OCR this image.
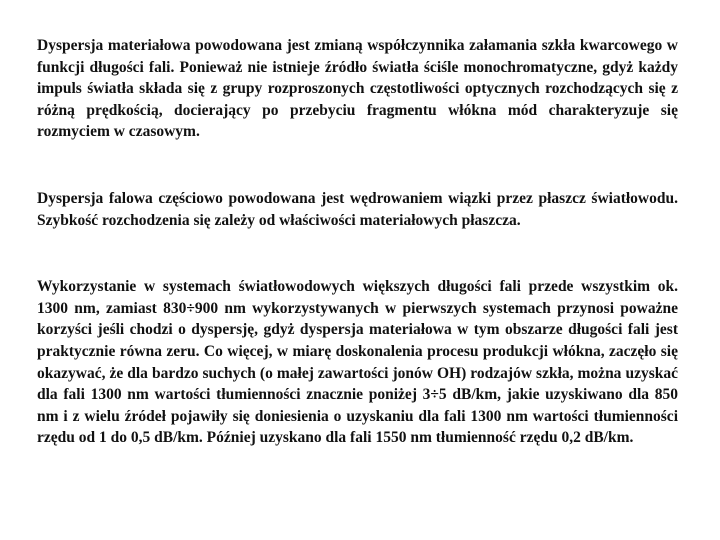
Dyspersja materiałowa powodowana jest zmianą współczynnika załamania szkła kwarcowego w funkcji długości fali. Ponieważ nie istnieje źródło światła ściśle monochromatyczne, gdyż każdy impuls światła składa się z grupy rozproszonych częstotliwości optycznych rozchodzących się z różną prędkością, docierający po przebyciu fragmentu włókna mód charakteryzuje się rozmyciem w czasowym.

Dyspersja falowa częściowo powodowana jest wędrowaniem wiązki przez płaszcz światłowodu. Szybkość rozchodzenia się zależy od właściwości materiałowych płaszcza.

Wykorzystanie w systemach światłowodowych większych długości fali przede wszystkim ok. 1300 nm, zamiast 830÷900 nm wykorzystywanych w pierwszych systemach przynosi poważne korzyści jeśli chodzi o dyspersję, gdyż dyspersja materiałowa w tym obszarze długości fali jest praktycznie równa zeru. Co więcej, w miarę doskonalenia procesu produkcji włókna, zaczęło się okazywać, że dla bardzo suchych (o małej zawartości jonów OH) rodzajów szkła, można uzyskać dla fali 1300 nm wartości tłumienności znacznie poniżej 3÷5 dB/km, jakie uzyskiwano dla 850 nm i z wielu źródeł pojawiły się doniesienia o uzyskaniu dla fali 1300 nm wartości tłumienności rzędu od 1 do 0,5 dB/km. Później uzyskano dla fali 1550 nm tłumienność rzędu 0,2 dB/km.
